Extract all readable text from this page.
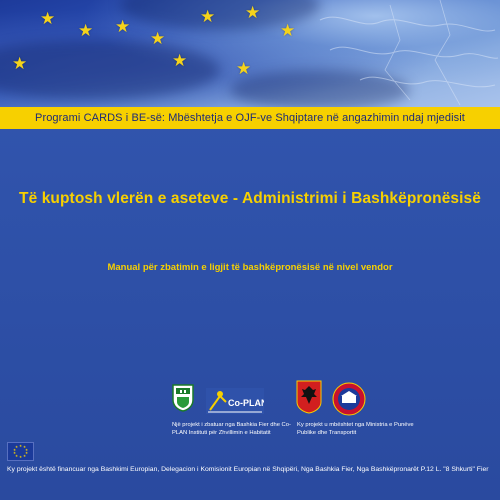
★
★ ★
★
★
★ ★
★
★
★
Programi CARDS i BE-së: Mbështetja e OJF-ve Shqiptare në angazhimin ndaj mjedisit
Të kuptosh vlerën e aseteve - Administrimi i Bashkëpronësisë
Manual për zbatimin e ligjit të bashkëpronësisë në nivel vendor
Co-PLAN
Një projekt i zbatuar nga Bashkia Fier dhe Co-PLAN Instituti për Zhvillimin e Habitatit
Ky projekt u mbështet nga Ministria e Punëve Publike dhe Transportit
★ ★
★
★
★
★
★
★
★
★
Ky projekt është financuar nga Bashkimi Europian, Delegacion i Komisionit Europian në Shqipëri, Nga Bashkia Fier, Nga Bashkëpronarët P.12 L. "8 Shkurti" Fier
